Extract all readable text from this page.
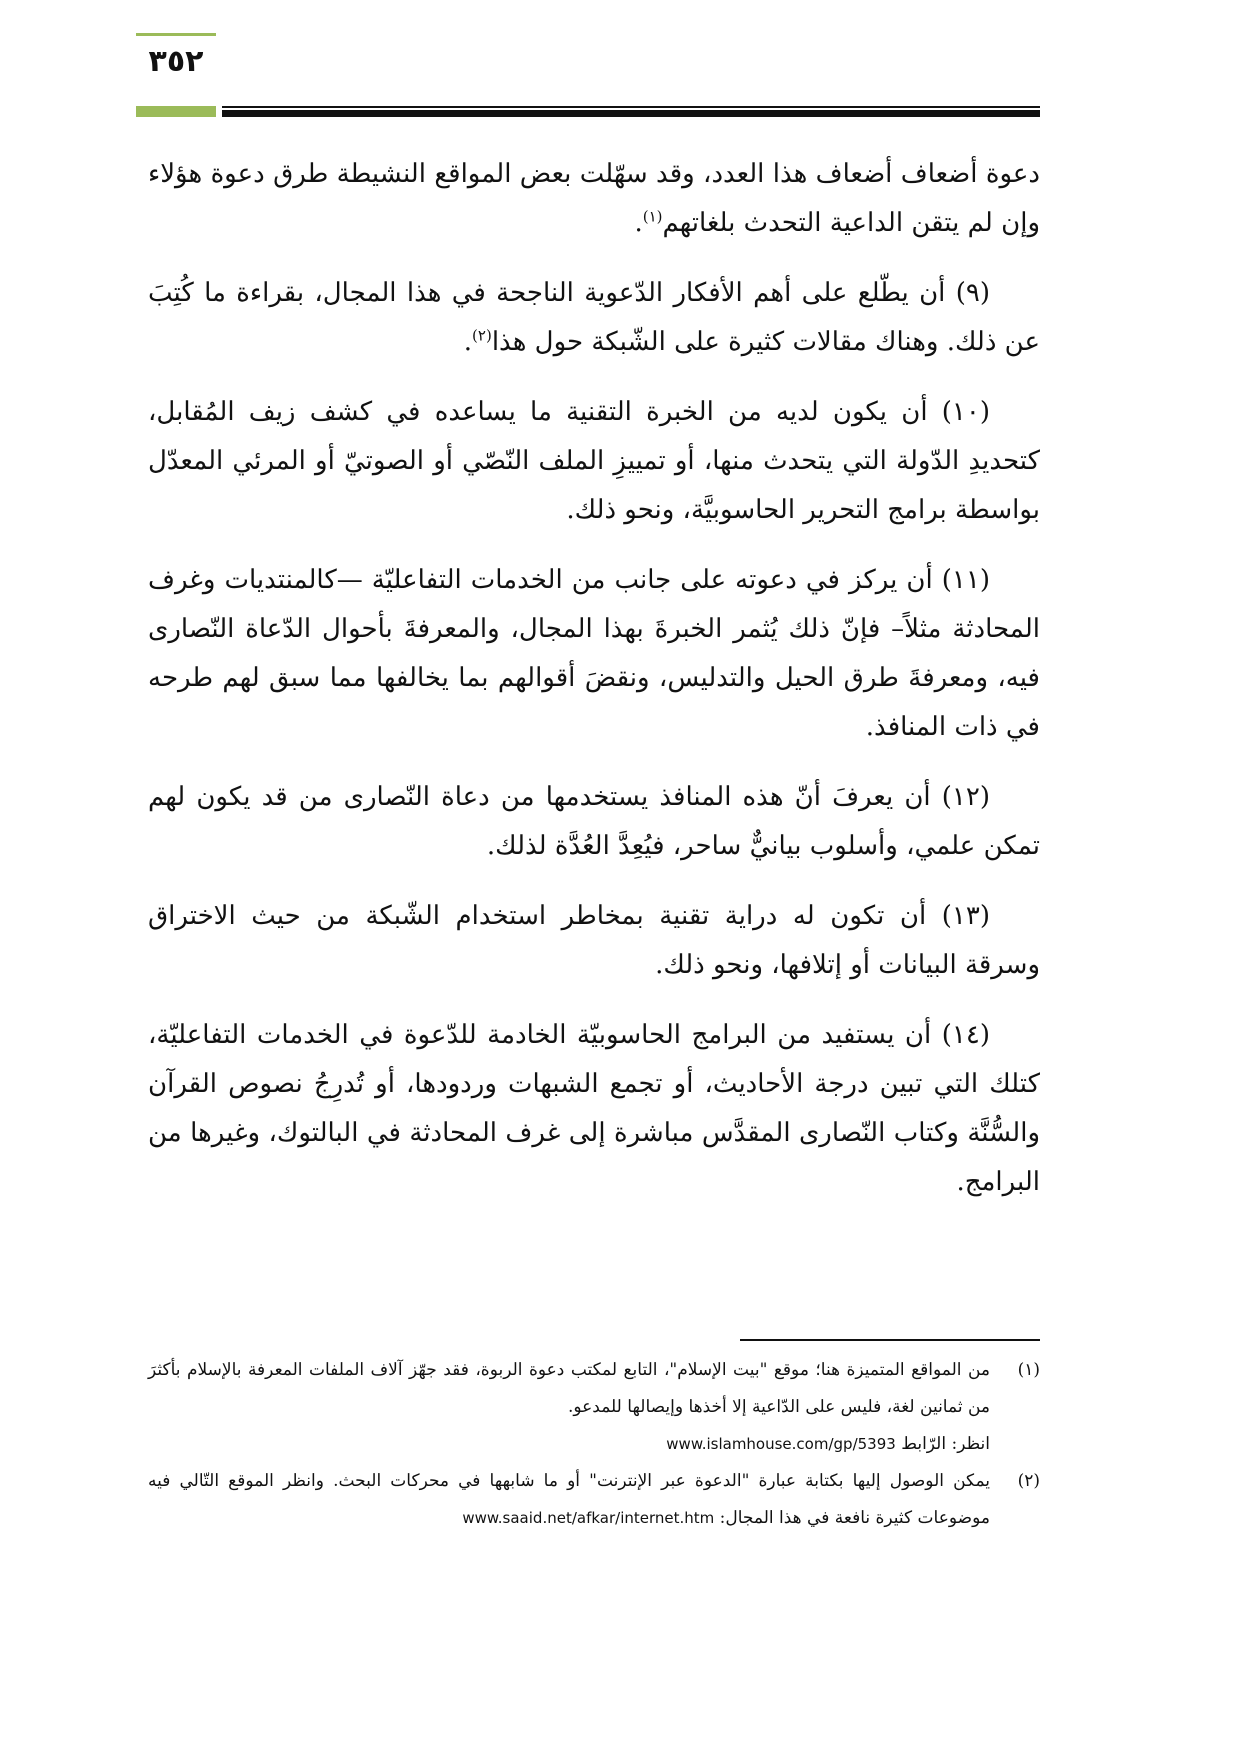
٣٥٢

دعوة أضعاف أضعاف هذا العدد، وقد سهّلت بعض المواقع النشيطة طرق دعوة هؤلاء وإن لم يتقن الداعية التحدث بلغاتهم$^{(١)}$.

(٩) أن يطّلع على أهم الأفكار الدّعوية الناجحة في هذا المجال، بقراءة ما كُتِبَ عن ذلك. وهناك مقالات كثيرة على الشّبكة حول هذا$^{(٢)}$.

(١٠) أن يكون لديه من الخبرة التقنية ما يساعده في كشف زيف المُقابل، كتحديدِ الدّولة التي يتحدث منها، أو تمييزِ الملف النّصّي أو الصوتيّ أو المرئي المعدّل بواسطة برامج التحرير الحاسوبيَّة، ونحو ذلك.

(١١) أن يركز في دعوته على جانب من الخدمات التفاعليّة —كالمنتديات وغرف المحادثة مثلاً– فإنّ ذلك يُثمر الخبرةَ بهذا المجال، والمعرفةَ بأحوال الدّعاة النّصارى فيه، ومعرفةَ طرق الحيل والتدليس، ونقضَ أقوالهم بما يخالفها مما سبق لهم طرحه في ذات المنافذ.

(١٢) أن يعرفَ أنّ هذه المنافذ يستخدمها من دعاة النّصارى من قد يكون لهم تمكن علمي، وأسلوب بيانيٌّ ساحر، فيُعِدَّ العُدَّة لذلك.

(١٣) أن تكون له دراية تقنية بمخاطر استخدام الشّبكة من حيث الاختراق وسرقة البيانات أو إتلافها، ونحو ذلك.

(١٤) أن يستفيد من البرامج الحاسوبيّة الخادمة للدّعوة في الخدمات التفاعليّة، كتلك التي تبين درجة الأحاديث، أو تجمع الشبهات وردودها، أو تُدرِجُ نصوص القرآن والسُّنَّة وكتاب النّصارى المقدَّس مباشرة إلى غرف المحادثة في البالتوك، وغيرها من البرامج.

(١)
من المواقع المتميزة هنا؛ موقع "بيت الإسلام"، التابع لمكتب دعوة الربوة، فقد جهّز آلاف الملفات المعرفة بالإسلام بأكثرَ من ثمانين لغة، فليس على الدّاعية إلا أخذها وإيصالها للمدعو.
انظر: الرّابط www.islamhouse.com/gp/5393
(٢)
يمكن الوصول إليها بكتابة عبارة "الدعوة عبر الإنترنت" أو ما شابهها في محركات البحث. وانظر الموقع التّالي فيه موضوعات كثيرة نافعة في هذا المجال: www.saaid.net/afkar/internet.htm
